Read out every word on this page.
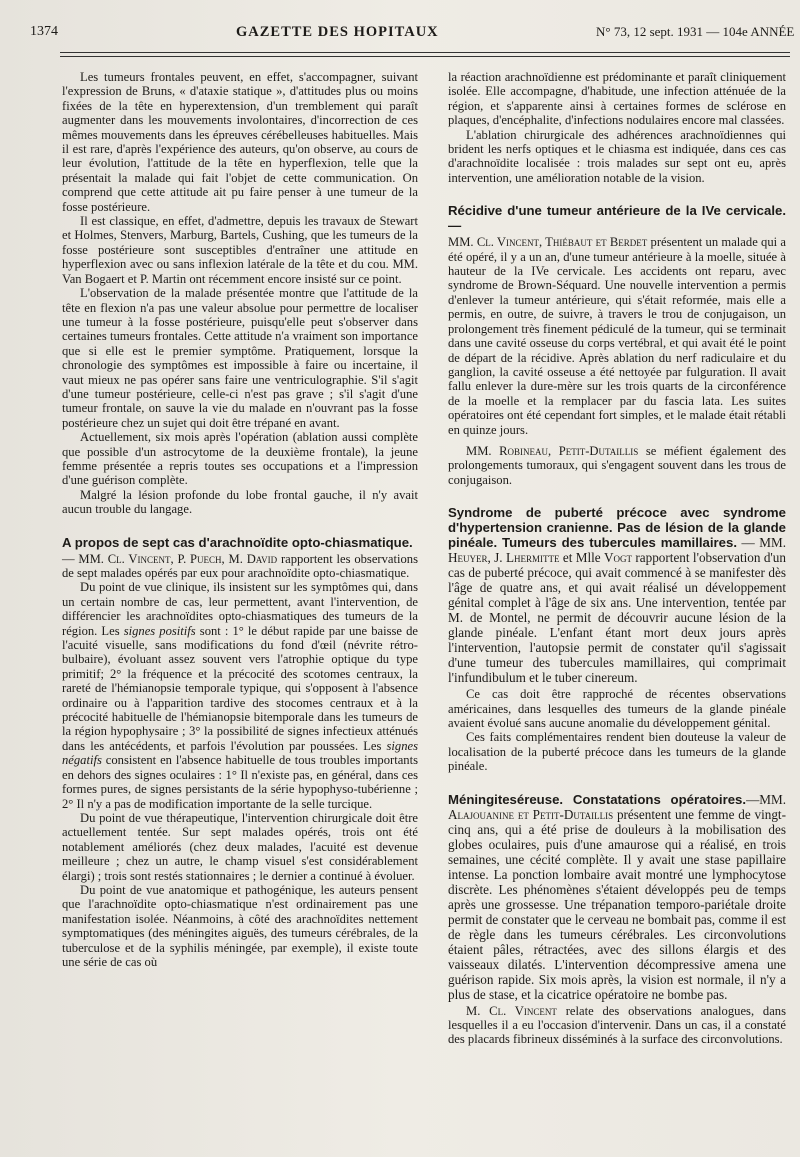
1374	GAZETTE DES HOPITAUX	N° 73, 12 sept. 1931 — 104e ANNÉE

Les tumeurs frontales peuvent, en effet, s'accompagner, suivant l'expression de Bruns, « d'ataxie statique », d'attitudes plus ou moins fixées de la tête en hyperextension, d'un tremblement qui paraît augmenter dans les mouvements involontaires, d'incorrection de ces mêmes mouvements dans les épreuves cérébelleuses habituelles. Mais il est rare, d'après l'expérience des auteurs, qu'on observe, au cours de leur évolution, l'attitude de la tête en hyperflexion, telle que la présentait la malade qui fait l'objet de cette communication. On comprend que cette attitude ait pu faire penser à une tumeur de la fosse postérieure.

Il est classique, en effet, d'admettre, depuis les travaux de Stewart et Holmes, Stenvers, Marburg, Bartels, Cushing, que les tumeurs de la fosse postérieure sont susceptibles d'entraîner une attitude en hyperflexion avec ou sans inflexion latérale de la tête et du cou. MM. Van Bogaert et P. Martin ont récemment encore insisté sur ce point.

L'observation de la malade présentée montre que l'attitude de la tête en flexion n'a pas une valeur absolue pour permettre de localiser une tumeur à la fosse postérieure, puisqu'elle peut s'observer dans certaines tumeurs frontales. Cette attitude n'a vraiment son importance que si elle est le premier symptôme. Pratiquement, lorsque la chronologie des symptômes est impossible à faire ou incertaine, il vaut mieux ne pas opérer sans faire une ventriculographie. S'il s'agit d'une tumeur postérieure, celle-ci n'est pas grave ; s'il s'agit d'une tumeur frontale, on sauve la vie du malade en n'ouvrant pas la fosse postérieure chez un sujet qui doit être trépané en avant.

Actuellement, six mois après l'opération (ablation aussi complète que possible d'un astrocytome de la deuxième frontale), la jeune femme présentée a repris toutes ses occupations et a l'impression d'une guérison complète.

Malgré la lésion profonde du lobe frontal gauche, il n'y avait aucun trouble du langage.

A propos de sept cas d'arachnoïdite opto-chiasmatique.

— MM. Cl. Vincent, P. Puech, M. David rapportent les observations de sept malades opérés par eux pour arachnoïdite opto-chiasmatique.

Du point de vue clinique, ils insistent sur les symptômes qui, dans un certain nombre de cas, leur permettent, avant l'intervention, de différencier les arachnoïdites opto-chiasmatiques des tumeurs de la région. Les signes positifs sont : 1° le début rapide par une baisse de l'acuité visuelle, sans modifications du fond d'œil (névrite rétro-bulbaire), évoluant assez souvent vers l'atrophie optique du type primitif; 2° la fréquence et la précocité des scotomes centraux, la rareté de l'hémianopsie temporale typique, qui s'opposent à l'absence ordinaire ou à l'apparition tardive des stocomes centraux et à la précocité habituelle de l'hémianopsie bitemporale dans les tumeurs de la région hypophysaire ; 3° la possibilité de signes infectieux atténués dans les antécédents, et parfois l'évolution par poussées. Les signes négatifs consistent en l'absence habituelle de tous troubles importants en dehors des signes oculaires : 1° Il n'existe pas, en général, dans ces formes pures, de signes persistants de la série hypophyso-tubérienne ; 2° Il n'y a pas de modification importante de la selle turcique.

Du point de vue thérapeutique, l'intervention chirurgicale doit être actuellement tentée. Sur sept malades opérés, trois ont été notablement améliorés (chez deux malades, l'acuité est devenue meilleure ; chez un autre, le champ visuel s'est considérablement élargi) ; trois sont restés stationnaires ; le dernier a continué à évoluer.

Du point de vue anatomique et pathogénique, les auteurs pensent que l'arachnoïdite opto-chiasmatique n'est ordinairement pas une manifestation isolée. Néanmoins, à côté des arachnoïdites nettement symptomatiques (des méningites aiguës, des tumeurs cérébrales, de la tuberculose et de la syphilis méningée, par exemple), il existe toute une série de cas où

la réaction arachnoïdienne est prédominante et paraît cliniquement isolée. Elle accompagne, d'habitude, une infection atténuée de la région, et s'apparente ainsi à certaines formes de sclérose en plaques, d'encéphalite, d'infections nodulaires encore mal classées.

L'ablation chirurgicale des adhérences arachnoïdiennes qui brident les nerfs optiques et le chiasma est indiquée, dans ces cas d'arachnoïdite localisée : trois malades sur sept ont eu, après intervention, une amélioration notable de la vision.

Récidive d'une tumeur antérieure de la IVe cervicale. —

MM. Cl. Vincent, Thiébaut et Berdet présentent un malade qui a été opéré, il y a un an, d'une tumeur antérieure à la moelle, située à hauteur de la IVe cervicale. Les accidents ont reparu, avec syndrome de Brown-Séquard. Une nouvelle intervention a permis d'enlever la tumeur antérieure, qui s'était reformée, mais elle a permis, en outre, de suivre, à travers le trou de conjugaison, un prolongement très finement pédiculé de la tumeur, qui se terminait dans une cavité osseuse du corps vertébral, et qui avait été le point de départ de la récidive. Après ablation du nerf radiculaire et du ganglion, la cavité osseuse a été nettoyée par fulguration. Il avait fallu enlever la dure-mère sur les trois quarts de la circonférence de la moelle et la remplacer par du fascia lata. Les suites opératoires ont été cependant fort simples, et le malade était rétabli en quinze jours.

MM. Robineau, Petit-Dutaillis se méfient également des prolongements tumoraux, qui s'engagent souvent dans les trous de conjugaison.

Syndrome de puberté précoce avec syndrome d'hypertension cranienne. Pas de lésion de la glande pinéale. Tumeurs des tubercules mamillaires. — MM. Heuyer, J. Lhermitte et Mlle Vogt rapportent l'observation d'un cas de puberté précoce, qui avait commencé à se manifester dès l'âge de quatre ans, et qui avait réalisé un développement génital complet à l'âge de six ans. Une intervention, tentée par M. de Montel, ne permit de découvrir aucune lésion de la glande pinéale. L'enfant étant mort deux jours après l'intervention, l'autopsie permit de constater qu'il s'agissait d'une tumeur des tubercules mamillaires, qui comprimait l'infundibulum et le tuber cinereum.

Ce cas doit être rapproché de récentes observations américaines, dans lesquelles des tumeurs de la glande pinéale avaient évolué sans aucune anomalie du développement génital.

Ces faits complémentaires rendent bien douteuse la valeur de localisation de la puberté précoce dans les tumeurs de la glande pinéale.

Méningiteséreuse. Constatations opératoires.—MM. Alajouanine et Petit-Dutaillis présentent une femme de vingt-cinq ans, qui a été prise de douleurs à la mobilisation des globes oculaires, puis d'une amaurose qui a réalisé, en trois semaines, une cécité complète. Il y avait une stase papillaire intense. La ponction lombaire avait montré une lymphocytose discrète. Les phénomènes s'étaient développés peu de temps après une grossesse. Une trépanation temporo-pariétale droite permit de constater que le cerveau ne bombait pas, comme il est de règle dans les tumeurs cérébrales. Les circonvolutions étaient pâles, rétractées, avec des sillons élargis et des vaisseaux dilatés. L'intervention décompressive amena une guérison rapide. Six mois après, la vision est normale, il n'y a plus de stase, et la cicatrice opératoire ne bombe pas.

M. Cl. Vincent relate des observations analogues, dans lesquelles il a eu l'occasion d'intervenir. Dans un cas, il a constaté des placards fibrineux disséminés à la surface des circonvolutions.
